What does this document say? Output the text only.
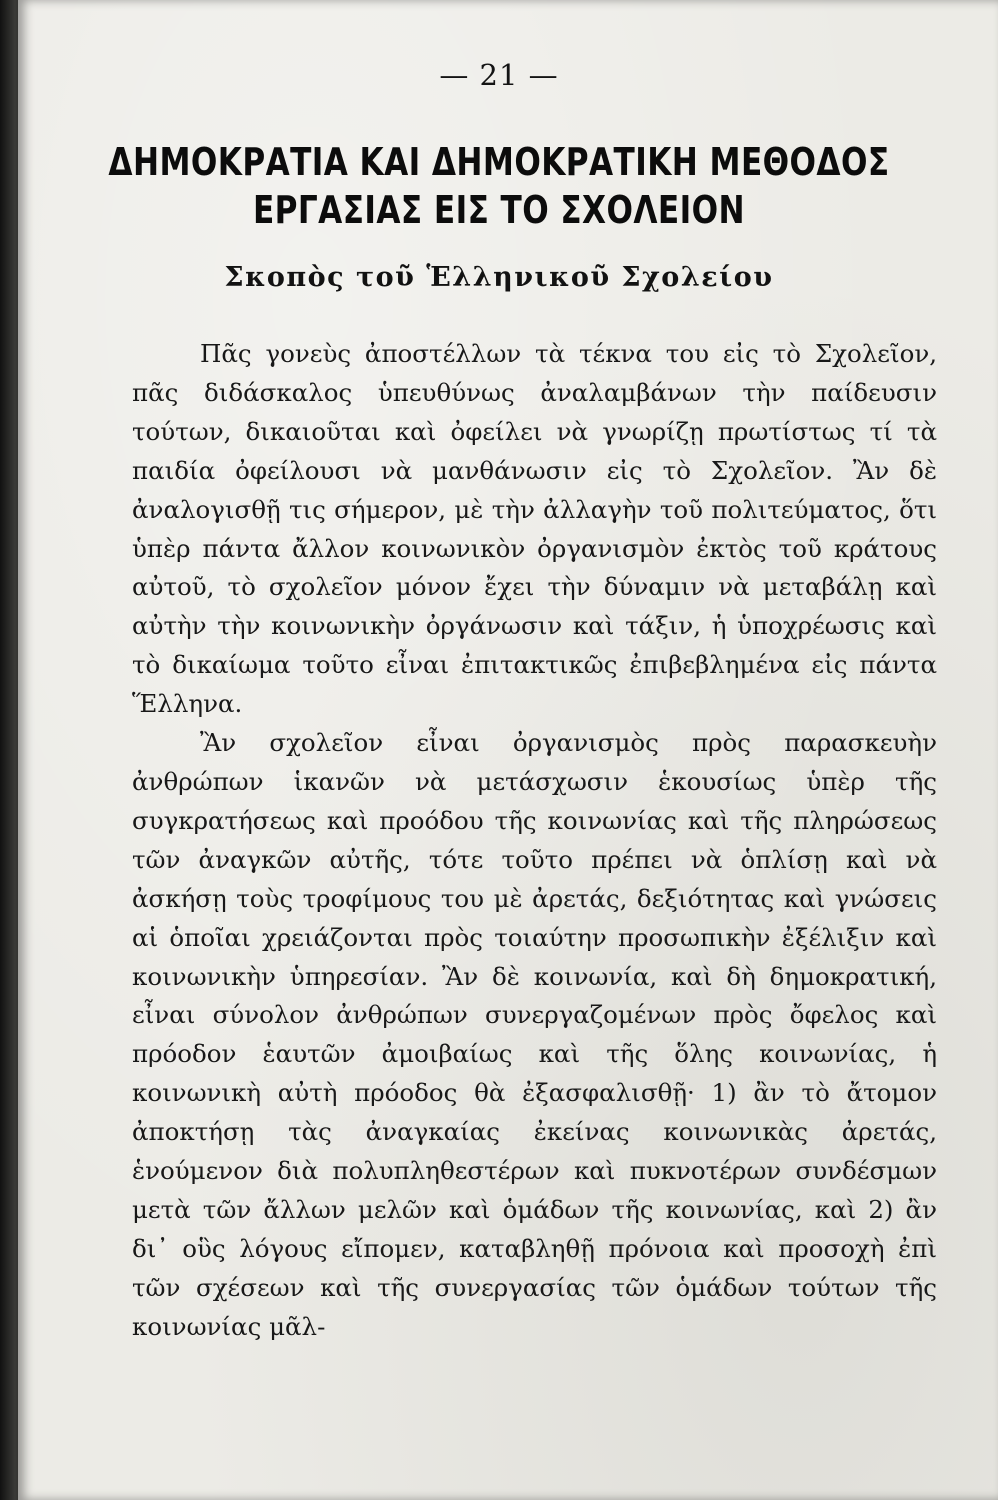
— 21 —
ΔΗΜΟΚΡΑΤΙΑ ΚΑΙ ΔΗΜΟΚΡΑΤΙΚΗ ΜΕΘΟΔΟΣ
ΕΡΓΑΣΙΑΣ ΕΙΣ ΤΟ ΣΧΟΛΕΙΟΝ
Σκοπὸς τοῦ Ἑλληνικοῦ Σχολείου

Πᾶς γονεὺς ἀποστέλλων τὰ τέκνα του εἰς τὸ Σχολεῖον, πᾶς διδάσκαλος ὑπευθύνως ἀναλαμβάνων τὴν παίδευσιν τούτων, δικαιοῦται καὶ ὀφείλει νὰ γνωρίζῃ πρωτίστως τί τὰ παιδία ὀφείλουσι νὰ μανθάνωσιν εἰς τὸ Σχολεῖον. Ἂν δὲ ἀναλογισθῇ τις σήμερον, μὲ τὴν ἀλλαγὴν τοῦ πολιτεύματος, ὅτι ὑπὲρ πάντα ἄλλον κοινωνικὸν ὀργανισμὸν ἐκτὸς τοῦ κράτους αὐτοῦ, τὸ σχολεῖον μόνον ἔχει τὴν δύναμιν νὰ μεταβάλῃ καὶ αὐτὴν τὴν κοινωνικὴν ὀργάνωσιν καὶ τάξιν, ἡ ὑποχρέωσις καὶ τὸ δικαίωμα τοῦτο εἶναι ἐπιτακτικῶς ἐπιβεβλημένα εἰς πάντα Ἕλληνα.

Ἂν σχολεῖον εἶναι ὀργανισμὸς πρὸς παρασκευὴν ἀνθρώπων ἱκανῶν νὰ μετάσχωσιν ἑκουσίως ὑπὲρ τῆς συγκρατήσεως καὶ προόδου τῆς κοινωνίας καὶ τῆς πληρώσεως τῶν ἀναγκῶν αὐτῆς, τότε τοῦτο πρέπει νὰ ὁπλίσῃ καὶ νὰ ἀσκήσῃ τοὺς τροφίμους του μὲ ἀρετάς, δεξιότητας καὶ γνώσεις αἱ ὁποῖαι χρειάζονται πρὸς τοιαύτην προσωπικὴν ἐξέλιξιν καὶ κοινωνικὴν ὑπηρεσίαν. Ἂν δὲ κοινωνία, καὶ δὴ δημοκρατική, εἶναι σύνολον ἀνθρώπων συνεργαζομένων πρὸς ὄφελος καὶ πρόοδον ἑαυτῶν ἀμοιβαίως καὶ τῆς ὅλης κοινωνίας, ἡ κοινωνικὴ αὐτὴ πρόοδος θὰ ἐξασφαλισθῇ· 1) ἂν τὸ ἄτομον ἀποκτήσῃ τὰς ἀναγκαίας ἐκείνας κοινωνικὰς ἀρετάς, ἑνούμενον διὰ πολυπληθεστέρων καὶ πυκνοτέρων συνδέσμων μετὰ τῶν ἄλλων μελῶν καὶ ὁμάδων τῆς κοινωνίας, καὶ 2) ἂν δι᾽ οὓς λόγους εἴπομεν, καταβληθῇ πρόνοια καὶ προσοχὴ ἐπὶ τῶν σχέσεων καὶ τῆς συνεργασίας τῶν ὁμάδων τούτων τῆς κοινωνίας μᾶλ-
